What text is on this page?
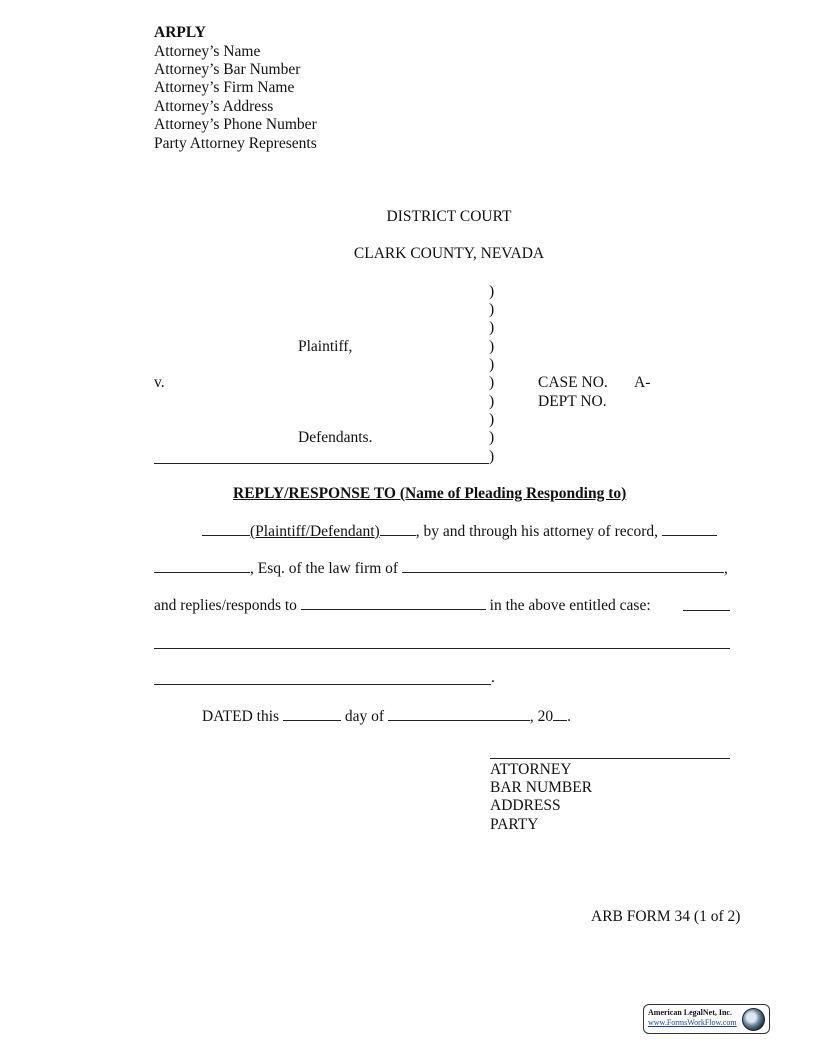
ARPLY
Attorney’s Name
Attorney’s Bar Number
Attorney’s Firm Name
Attorney’s Address
Attorney’s Phone Number
Party Attorney Represents
DISTRICT COURT
CLARK COUNTY, NEVADA
)
)
)
)
)
)
)
)
)
)
Plaintiff,
v.
Defendants.
CASE NO. A-
DEPT NO.
REPLY/RESPONSE TO (Name of Pleading Responding to)
(Plaintiff/Defendant) , by and through his attorney of record,
, Esq. of the law firm of	,
and replies/responds to	in the above entitled case:
.
DATED this	day of	, 20 .
ATTORNEY
BAR NUMBER
ADDRESS
PARTY
ARB FORM 34 (1 of 2)
American LegalNet, Inc.
www.FormsWorkFlow.com
